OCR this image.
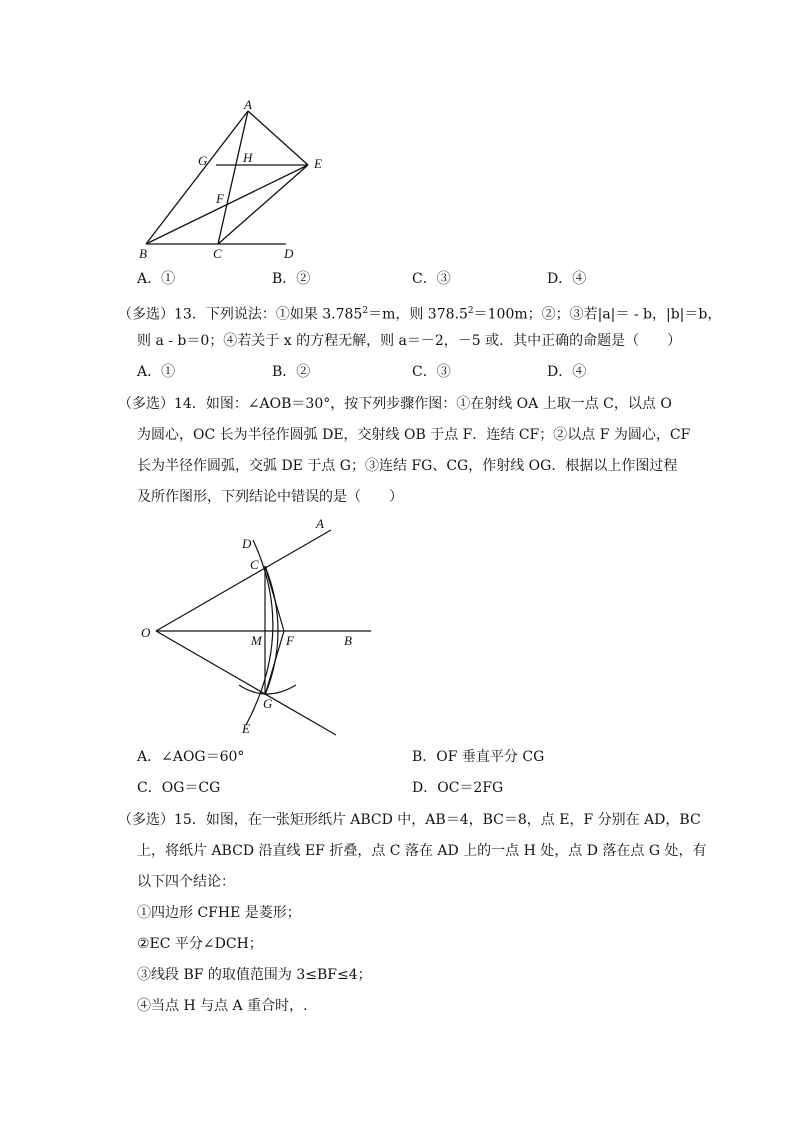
A
G	H	E
F
B	C	D
A．①	B．②	C．③	D．④
（多选）13．下列说法：①如果 $3.785^2=m$，则 $378.5^2=100m$；②；③若|a|＝ - b，|b|＝b，
则 a - b＝0；④若关于 x 的方程无解，则 a＝－2，－5 或．其中正确的命题是（　　）
A．①	B．②	C．③	D．④
（多选）14．如图：∠AOB＝30°，按下列步骤作图：①在射线 OA 上取一点 C，以点 O
为圆心，OC 长为半径作圆弧 DE，交射线 OB 于点 F．连结 CF；②以点 F 为圆心，CF
长为半径作圆弧，交弧 DE 于点 G；③连结 FG、CG，作射线 OG．根据以上作图过程
及所作图形，下列结论中错误的是（　　）
A
D
C
O
M F	B
G
E
A．∠AOG＝60°	B．OF 垂直平分 CG
C．OG＝CG	D．OC＝2FG
（多选）15．如图，在一张矩形纸片 ABCD 中，AB＝4，BC＝8，点 E，F 分别在 AD，BC
上，将纸片 ABCD 沿直线 EF 折叠，点 C 落在 AD 上的一点 H 处，点 D 落在点 G 处，有
以下四个结论：
①四边形 CFHE 是菱形；
②EC 平分∠DCH；
③线段 BF 的取值范围为 3≤BF≤4；
④当点 H 与点 A 重合时，.
